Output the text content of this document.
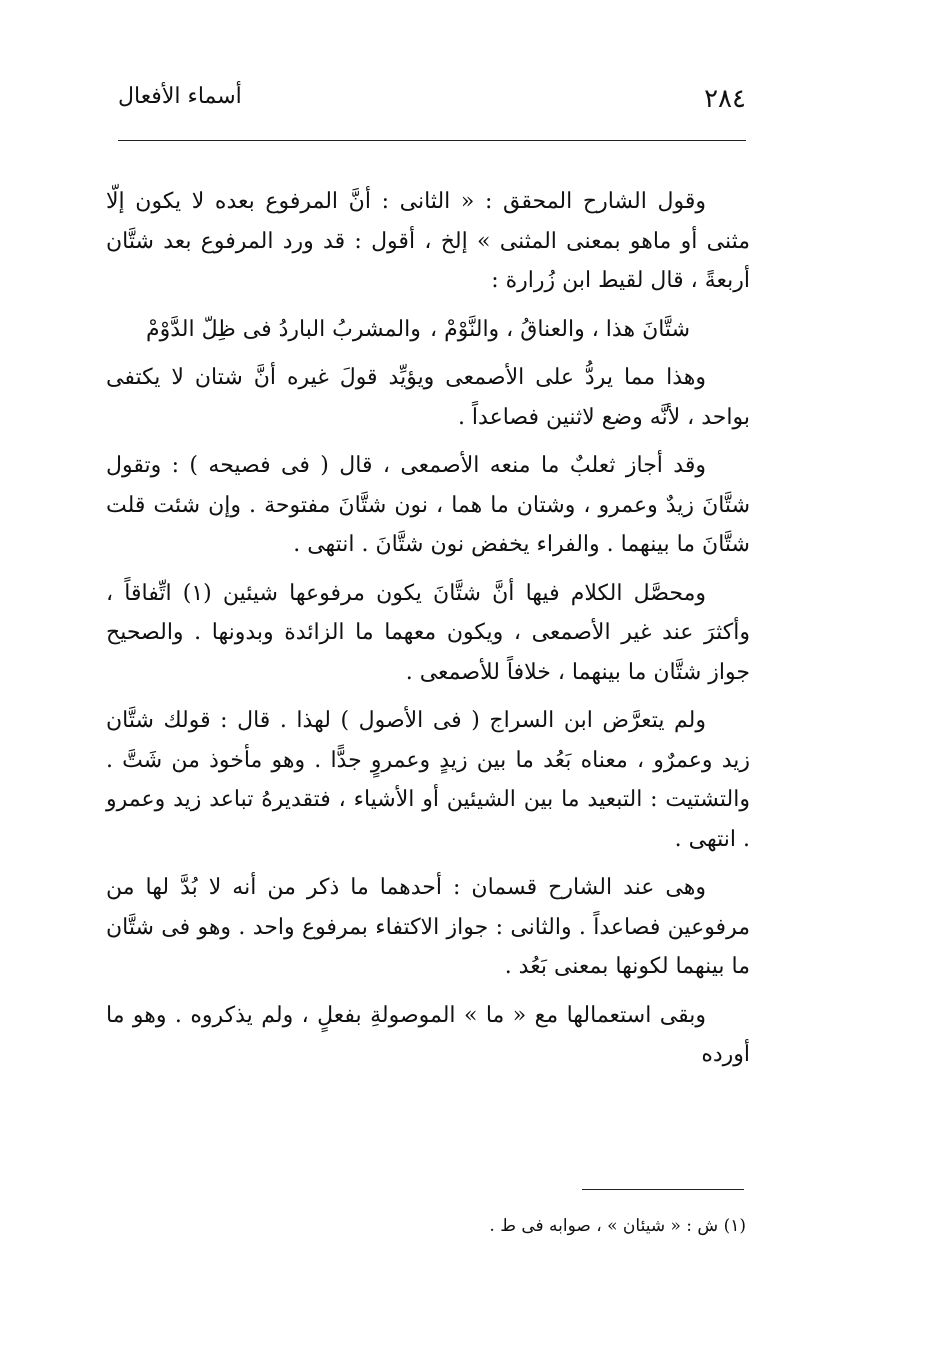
٢٨٤
أسماء الأفعال

وقول الشارح المحقق : « الثانى : أنَّ المرفوع بعده لا يكون إلّا مثنى أو ماهو بمعنى المثنى » إلخ ، أقول : قد ورد المرفوع بعد شتَّان أربعةً ، قال لقيط ابن زُرارة :

شتَّانَ هذا ، والعناقُ ، والنَّوْمْ ،
والمشربُ الباردُ فى ظِلّ الدَّوْمْ

وهذا مما يردُّ على الأصمعى ويؤيِّد قولَ غيره أنَّ شتان لا يكتفى بواحد ، لأنَّه وضع لاثنين فصاعداً .

وقد أجاز ثعلبٌ ما منعه الأصمعى ، قال ( فى فصيحه ) : وتقول شتَّانَ زيدٌ وعمرو ، وشتان ما هما ، نون شتَّانَ مفتوحة . وإن شئت قلت شتَّانَ ما بينهما . والفراء يخفض نون شتَّانَ . انتهى .

ومحصَّل الكلام فيها أنَّ شتَّانَ يكون مرفوعها شيئين (١) اتِّفاقاً ، وأكثرَ عند غير الأصمعى ، ويكون معهما ما الزائدة وبدونها . والصحيح جواز شتَّان ما بينهما ، خلافاً للأصمعى .

ولم يتعرَّض ابن السراج ( فى الأصول ) لهذا . قال : قولك شتَّان زيد وعمرٌو ، معناه بَعُد ما بين زيدٍ وعمروٍ جدًّا . وهو مأخوذ من شَتَّ . والتشتيت : التبعيد ما بين الشيئين أو الأشياء ، فتقديرهُ تباعد زيد وعمرو . انتهى .

وهى عند الشارح قسمان : أحدهما ما ذكر من أنه لا بُدَّ لها من مرفوعين فصاعداً . والثانى : جواز الاكتفاء بمرفوع واحد . وهو فى شتَّان ما بينهما لكونها بمعنى بَعُد .

وبقى استعمالها مع « ما » الموصولةِ بفعلٍ ، ولم يذكروه . وهو ما أورده

(١) ش : « شيئان » ، صوابه فى ط .
